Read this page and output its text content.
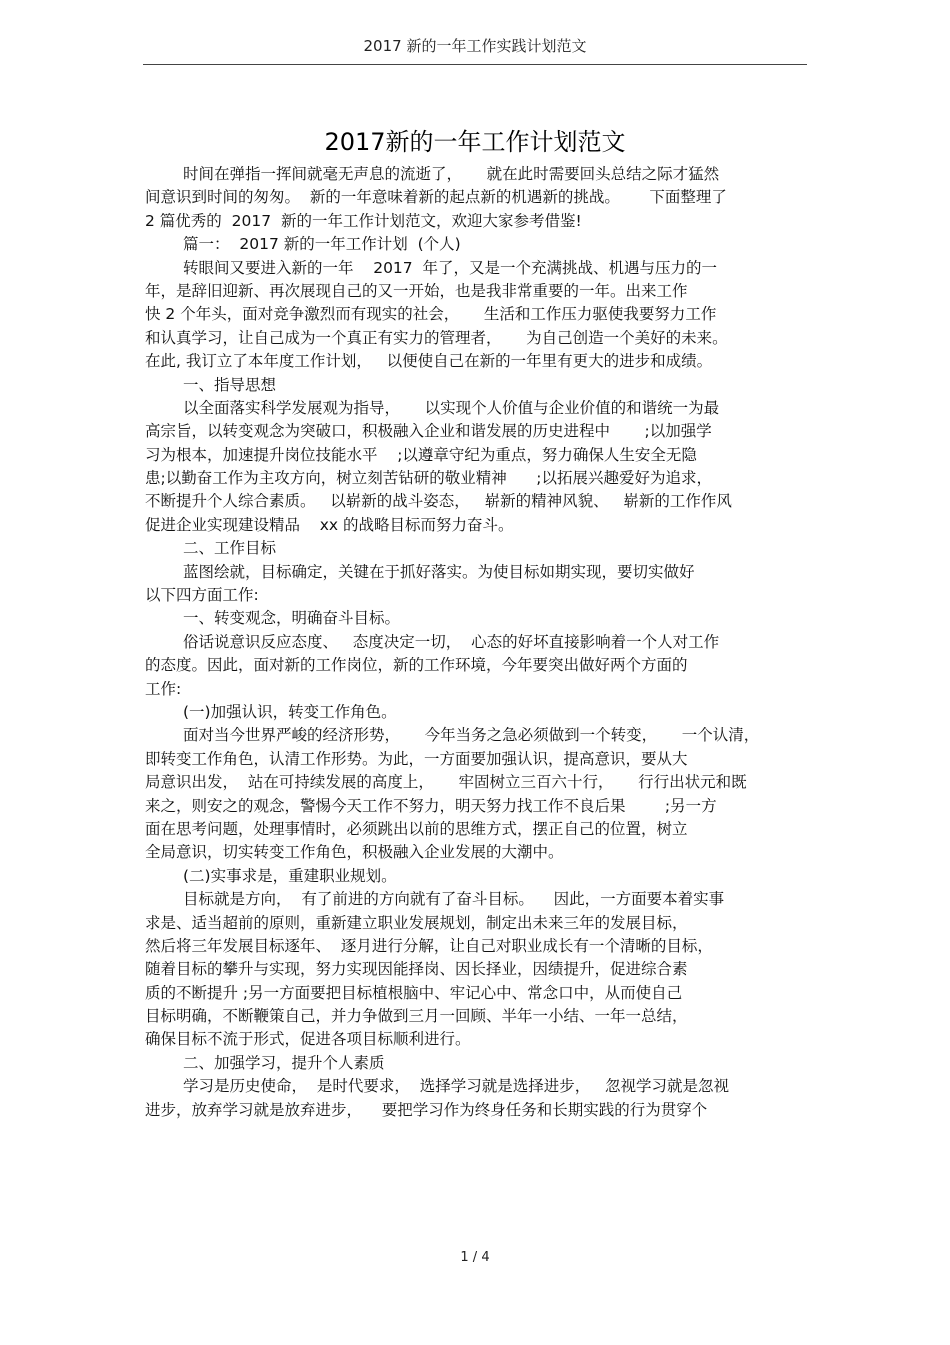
2017 新的一年工作实践计划范文
2017新的一年工作计划范文
时间在弹指一挥间就毫无声息的流逝了，     就在此时需要回头总结之际才猛然
间意识到时间的匆匆。  新的一年意味着新的起点新的机遇新的挑战。      下面整理了
2 篇优秀的  2017  新的一年工作计划范文，欢迎大家参考借鉴!
篇一：  2017 新的一年工作计划  (个人)
转眼间又要进入新的一年    2017  年了，又是一个充满挑战、机遇与压力的一
年，是辞旧迎新、再次展现自己的又一开始，也是我非常重要的一年。出来工作
快 2 个年头，面对竞争激烈而有现实的社会，     生活和工作压力驱使我要努力工作
和认真学习，让自己成为一个真正有实力的管理者，     为自己创造一个美好的未来。
在此, 我订立了本年度工作计划，   以便使自己在新的一年里有更大的进步和成绩。
一、指导思想
以全面落实科学发展观为指导，     以实现个人价值与企业价值的和谐统一为最
高宗旨，以转变观念为突破口，积极融入企业和谐发展的历史进程中       ;以加强学
习为根本，加速提升岗位技能水平    ;以遵章守纪为重点，努力确保人生安全无隐
患;以勤奋工作为主攻方向，树立刻苦钻研的敬业精神      ;以拓展兴趣爱好为追求，
不断提升个人综合素质。   以崭新的战斗姿态，   崭新的精神风貌、   崭新的工作作风
促进企业实现建设精品    xx 的战略目标而努力奋斗。
二、工作目标
蓝图绘就，目标确定，关键在于抓好落实。为使目标如期实现，要切实做好
以下四方面工作:
一、转变观念，明确奋斗目标。
俗话说意识反应态度、   态度决定一切，  心态的好坏直接影响着一个人对工作
的态度。因此，面对新的工作岗位，新的工作环境，今年要突出做好两个方面的
工作:
(一)加强认识，转变工作角色。
面对当今世界严峻的经济形势，     今年当务之急必须做到一个转变，     一个认清，
即转变工作角色，认清工作形势。为此，一方面要加强认识，提高意识，要从大
局意识出发，  站在可持续发展的高度上，     牢固树立三百六十行，     行行出状元和既
来之，则安之的观念，警惕今天工作不努力，明天努力找工作不良后果        ;另一方
面在思考问题，处理事情时，必须跳出以前的思维方式，摆正自己的位置，树立
全局意识，切实转变工作角色，积极融入企业发展的大潮中。
(二)实事求是，重建职业规划。
目标就是方向，  有了前进的方向就有了奋斗目标。    因此，一方面要本着实事
求是、适当超前的原则，重新建立职业发展规划，制定出未来三年的发展目标，
然后将三年发展目标逐年、  逐月进行分解，让自己对职业成长有一个清晰的目标，
随着目标的攀升与实现，努力实现因能择岗、因长择业，因绩提升，促进综合素
质的不断提升 ;另一方面要把目标植根脑中、牢记心中、常念口中，从而使自己
目标明确，不断鞭策自己，并力争做到三月一回顾、半年一小结、一年一总结，
确保目标不流于形式，促进各项目标顺利进行。
二、加强学习，提升个人素质
学习是历史使命，  是时代要求，  选择学习就是选择进步，   忽视学习就是忽视
进步，放弃学习就是放弃进步，    要把学习作为终身任务和长期实践的行为贯穿个
1 / 4
